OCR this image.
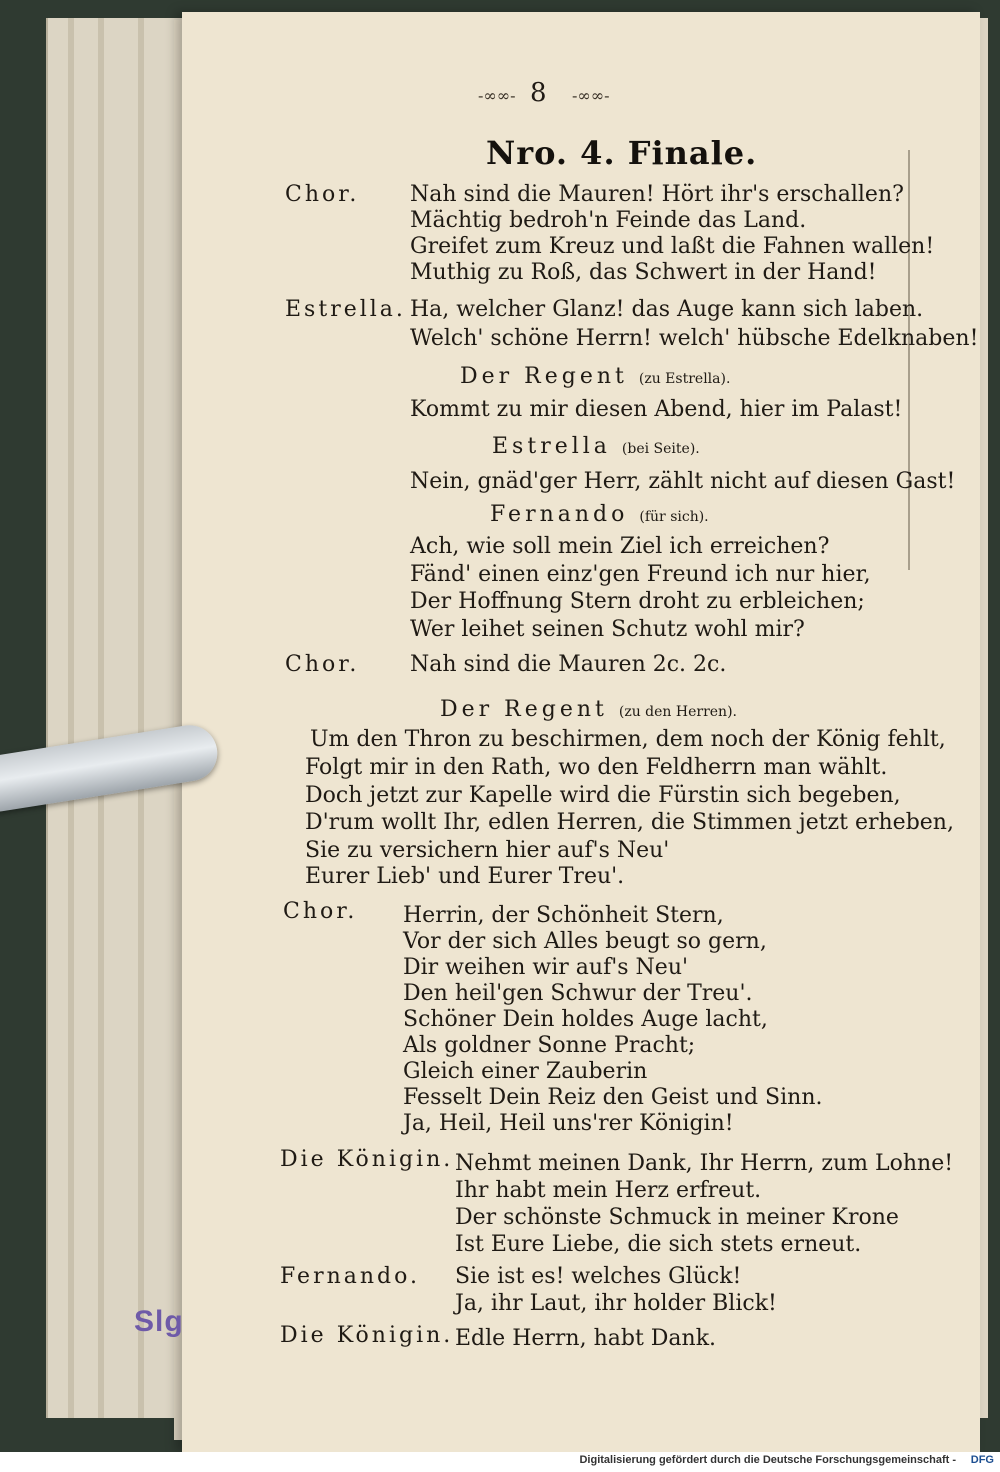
-∞∞- 8 -∞∞-
Nro. 4. Finale.
Chor. Nah sind die Mauren! Hört ihr's erschallen?
Mächtig bedroh'n Feinde das Land.
Greifet zum Kreuz und laßt die Fahnen wallen!
Muthig zu Roß, das Schwert in der Hand!
Estrella. Ha, welcher Glanz! das Auge kann sich laben.
Welch' schöne Herrn! welch' hübsche Edelknaben!
Der Regent (zu Estrella).
Kommt zu mir diesen Abend, hier im Palast!
Estrella (bei Seite).
Nein, gnäd'ger Herr, zählt nicht auf diesen Gast!
Fernando (für sich).
Ach, wie soll mein Ziel ich erreichen?
Fänd' einen einz'gen Freund ich nur hier,
Der Hoffnung Stern droht zu erbleichen;
Wer leihet seinen Schutz wohl mir?
Chor. Nah sind die Mauren 2c. 2c.
Der Regent (zu den Herren).
Um den Thron zu beschirmen, dem noch der König fehlt,
Folgt mir in den Rath, wo den Feldherrn man wählt.
Doch jetzt zur Kapelle wird die Fürstin sich begeben,
D'rum wollt Ihr, edlen Herren, die Stimmen jetzt erheben,
Sie zu versichern hier auf's Neu'
Eurer Lieb' und Eurer Treu'.
Chor. Herrin, der Schönheit Stern,
Vor der sich Alles beugt so gern,
Dir weihen wir auf's Neu'
Den heil'gen Schwur der Treu'.
Schöner Dein holdes Auge lacht,
Als goldner Sonne Pracht;
Gleich einer Zauberin
Fesselt Dein Reiz den Geist und Sinn.
Ja, Heil, Heil uns'rer Königin!
Die Königin. Nehmt meinen Dank, Ihr Herrn, zum Lohne!
Ihr habt mein Herz erfreut.
Der schönste Schmuck in meiner Krone
Ist Eure Liebe, die sich stets erneut.
Fernando. Sie ist es! welches Glück!
Ja, ihr Laut, ihr holder Blick!
Die Königin. Edle Herrn, habt Dank.
Slg
Digitalisierung gefördert durch die Deutsche Forschungsgemeinschaft - DFG
